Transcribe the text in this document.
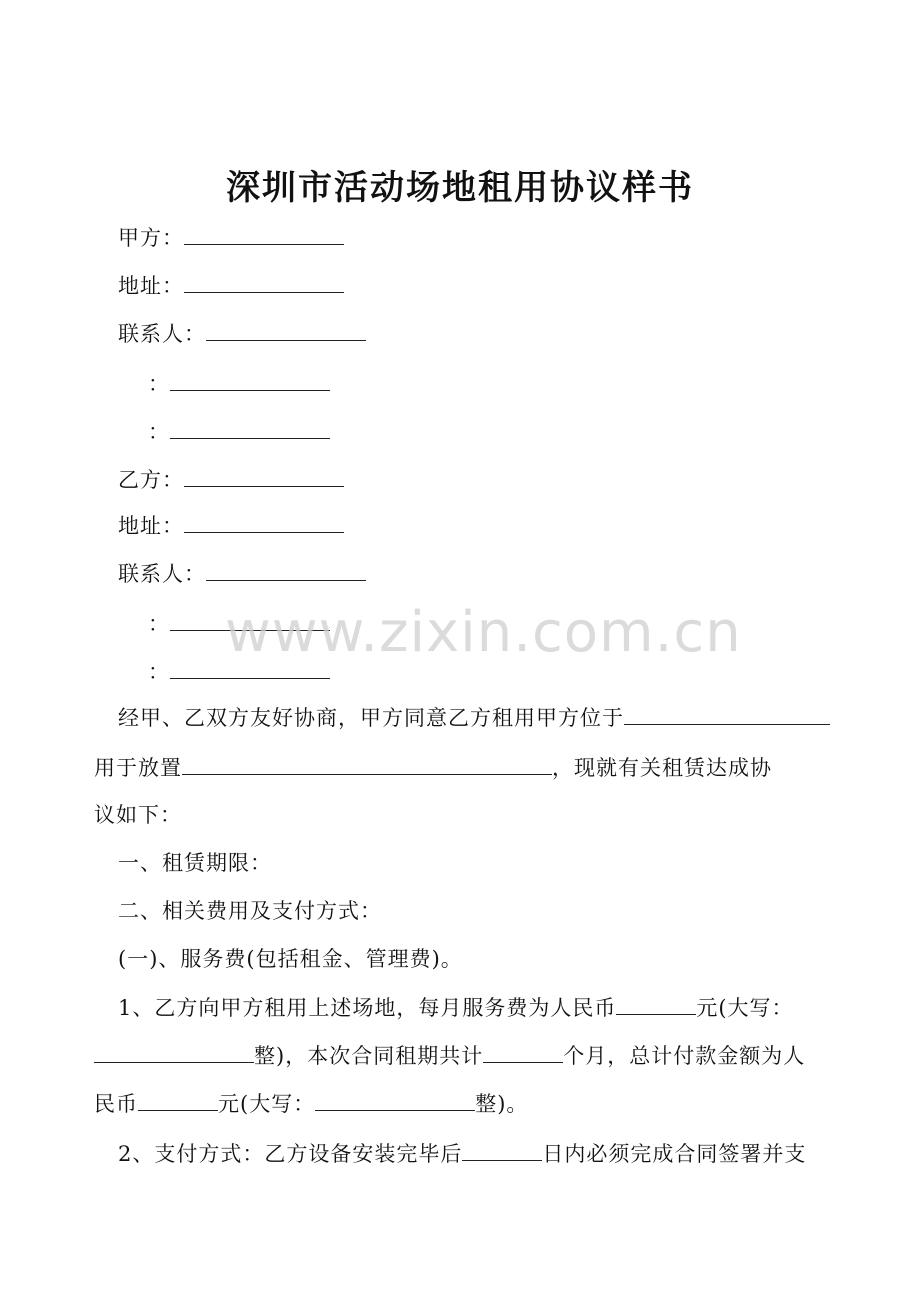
深圳市活动场地租用协议样书
甲方：
地址：
联系人：
：
：
乙方：
地址：
联系人：
：
：
经甲、乙双方友好协商，甲方同意乙方租用甲方位于
用于放置	，现就有关租赁达成协
议如下：
一、租赁期限：
二、相关费用及支付方式：
(一)、服务费(包括租金、管理费)。
1、乙方向甲方租用上述场地，每月服务费为人民币	元(大写：
整)，本次合同租期共计	个月，总计付款金额为人
民币	元(大写：	整)。
2、支付方式：乙方设备安装完毕后	日内必须完成合同签署并支
www.zixin.com.cn
